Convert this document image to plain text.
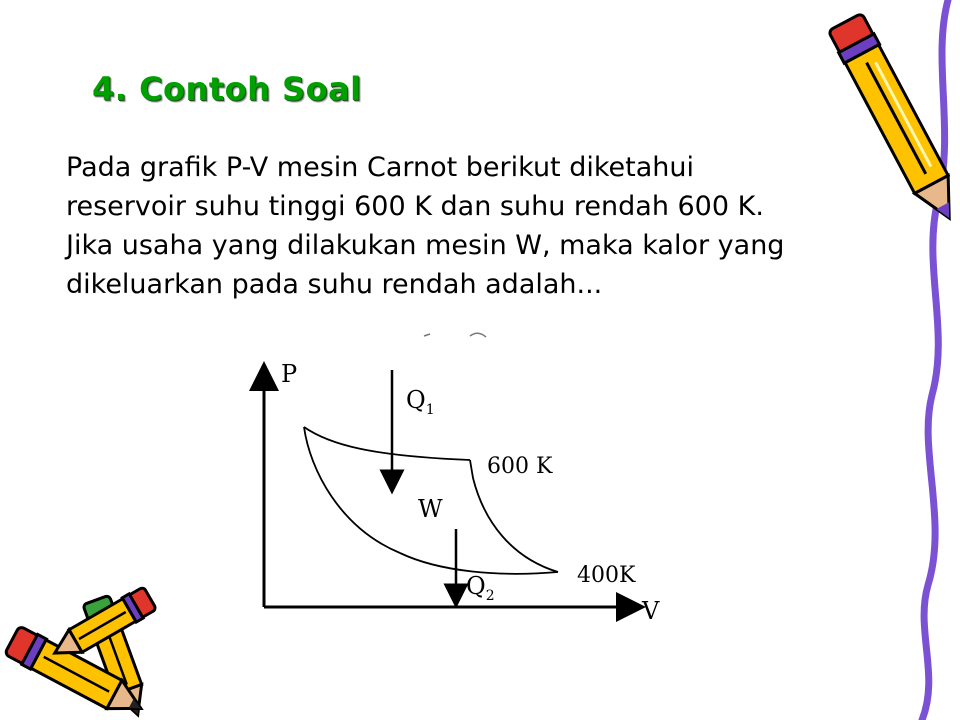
4. Contoh Soal
Pada grafik P-V mesin Carnot berikut diketahui
reservoir suhu tinggi 600 K dan suhu rendah 600 K.
Jika usaha yang dilakukan mesin W, maka kalor yang
dikeluarkan pada suhu rendah adalah...
P
V
$Q_1$
$Q_2$
W
600 K
400K
